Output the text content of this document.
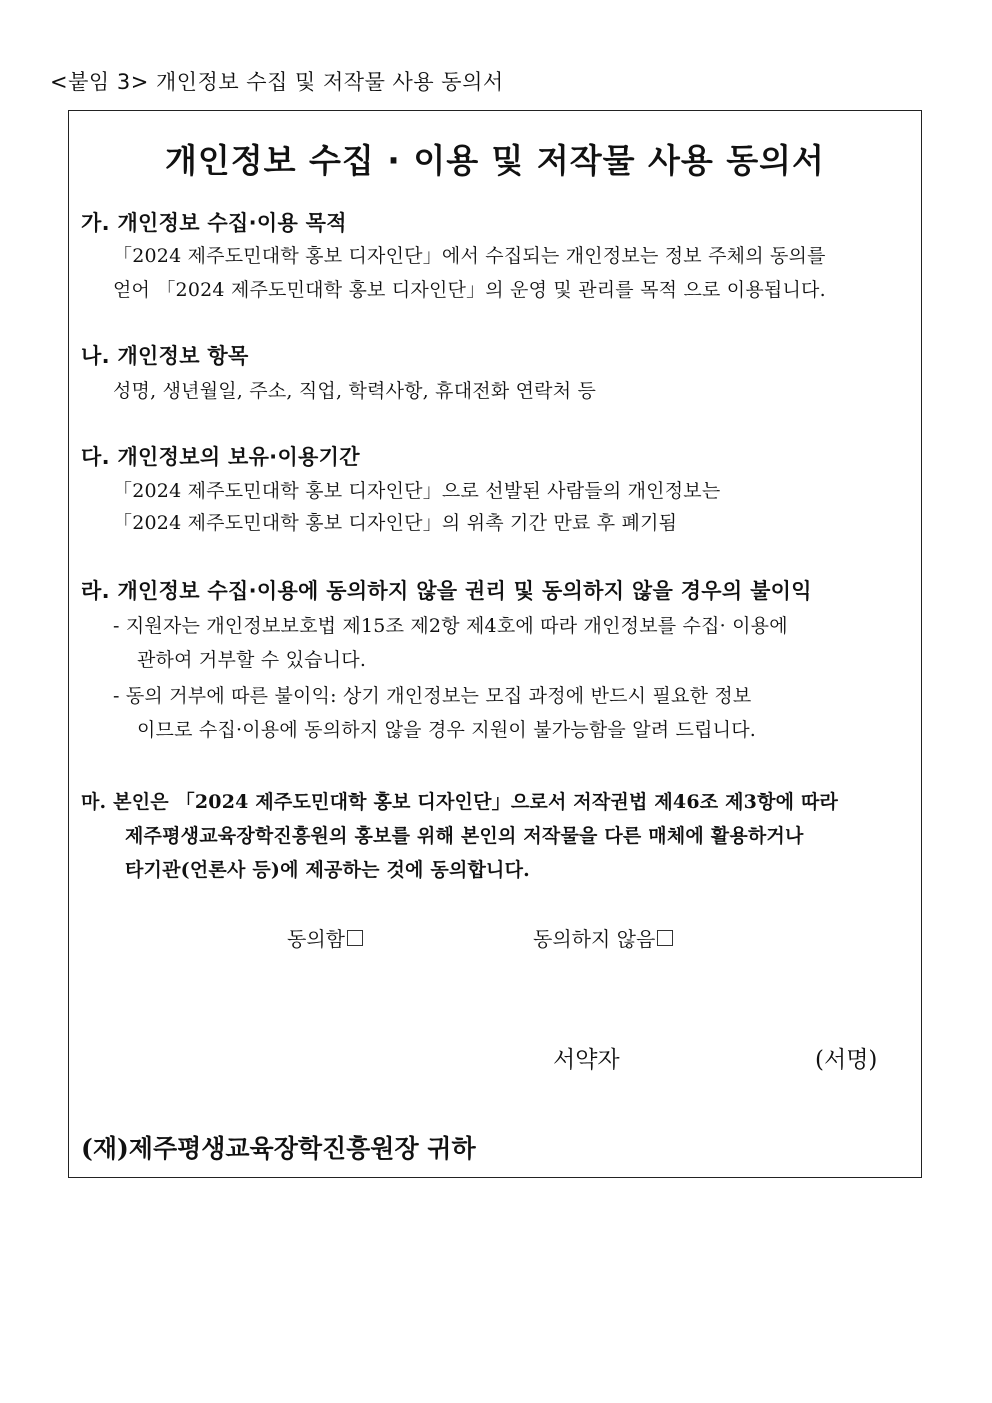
<붙임 3> 개인정보 수집 및 저작물 사용 동의서
개인정보 수집 · 이용 및 저작물 사용 동의서
가. 개인정보 수집·이용 목적
「2024 제주도민대학 홍보 디자인단」에서 수집되는 개인정보는 정보 주체의 동의를
얻어 「2024 제주도민대학 홍보 디자인단」의 운영 및 관리를 목적 으로 이용됩니다.
나. 개인정보 항목
성명, 생년월일, 주소, 직업, 학력사항, 휴대전화 연락처 등
다. 개인정보의 보유·이용기간
「2024 제주도민대학 홍보 디자인단」으로 선발된 사람들의 개인정보는
「2024 제주도민대학 홍보 디자인단」의 위촉 기간 만료 후 폐기됨
라. 개인정보 수집·이용에 동의하지 않을 권리 및 동의하지 않을 경우의 불이익
- 지원자는 개인정보보호법 제15조 제2항 제4호에 따라 개인정보를 수집· 이용에
관하여 거부할 수 있습니다.
- 동의 거부에 따른 불이익: 상기 개인정보는 모집 과정에 반드시 필요한 정보
이므로 수집·이용에 동의하지 않을 경우 지원이 불가능함을 알려 드립니다.
마. 본인은 「2024 제주도민대학 홍보 디자인단」으로서 저작권법 제46조 제3항에 따라
제주평생교육장학진흥원의 홍보를 위해 본인의 저작물을 다른 매체에 활용하거나
타기관(언론사 등)에 제공하는 것에 동의합니다.
동의함	동의하지 않음
서약자	(서명)
(재)제주평생교육장학진흥원장 귀하
